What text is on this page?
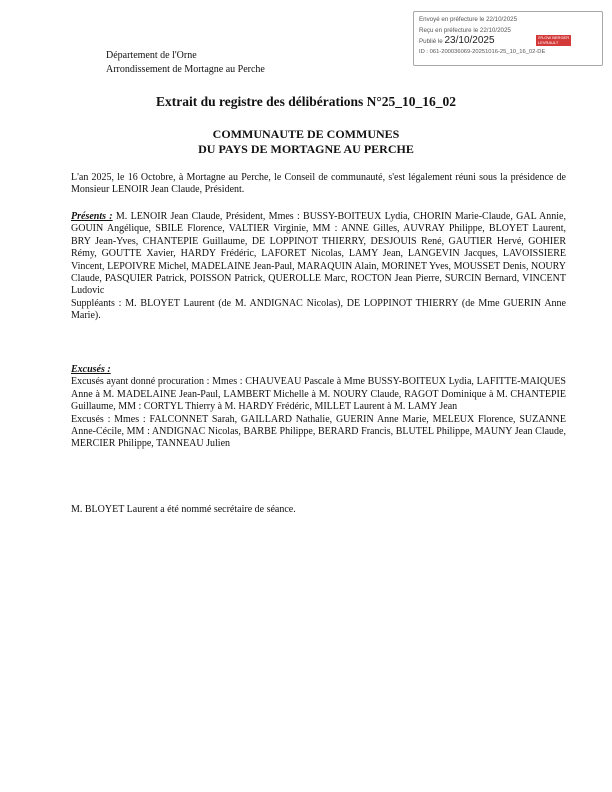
Envoyé en préfecture le 22/10/2025
Reçu en préfecture le 22/10/2025
Publié le 23/10/2025
ID : 061-200036069-20251016-25_10_16_02-DE
S²LOW BERGER LEVRAULT
Département de l'Orne
Arrondissement de Mortagne au Perche
Extrait du registre des délibérations N°25_10_16_02
COMMUNAUTE DE COMMUNES
DU PAYS DE MORTAGNE AU PERCHE

L'an 2025, le 16 Octobre, à Mortagne au Perche, le Conseil de communauté, s'est légalement réuni sous la présidence de Monsieur LENOIR Jean Claude, Président.

Présents : M. LENOIR Jean Claude, Président, Mmes : BUSSY-BOITEUX Lydia, CHORIN Marie-Claude, GAL Annie, GOUIN Angélique, SBILE Florence, VALTIER Virginie, MM : ANNE Gilles, AUVRAY Philippe, BLOYET Laurent, BRY Jean-Yves, CHANTEPIE Guillaume, DE LOPPINOT THIERRY, DESJOUIS René, GAUTIER Hervé, GOHIER Rémy, GOUTTE Xavier, HARDY Frédéric, LAFORET Nicolas, LAMY Jean, LANGEVIN Jacques, LAVOISSIERE Vincent, LEPOIVRE Michel, MADELAINE Jean-Paul, MARAQUIN Alain, MORINET Yves, MOUSSET Denis, NOURY Claude, PASQUIER Patrick, POISSON Patrick, QUEROLLE Marc, ROCTON Jean Pierre, SURCIN Bernard, VINCENT Ludovic

Suppléants : M. BLOYET Laurent (de M. ANDIGNAC Nicolas), DE LOPPINOT THIERRY (de Mme GUERIN Anne Marie).

Excusés :

Excusés ayant donné procuration : Mmes : CHAUVEAU Pascale à Mme BUSSY-BOITEUX Lydia, LAFITTE-MAIQUES Anne à M. MADELAINE Jean-Paul, LAMBERT Michelle à M. NOURY Claude, RAGOT Dominique à M. CHANTEPIE Guillaume, MM : CORTYL Thierry à M. HARDY Frédéric, MILLET Laurent à M. LAMY Jean

Excusés : Mmes : FALCONNET Sarah, GAILLARD Nathalie, GUERIN Anne Marie, MELEUX Florence, SUZANNE Anne-Cécile, MM : ANDIGNAC Nicolas, BARBE Philippe, BERARD Francis, BLUTEL Philippe, MAUNY Jean Claude, MERCIER Philippe, TANNEAU Julien

M. BLOYET Laurent a été nommé secrétaire de séance.
